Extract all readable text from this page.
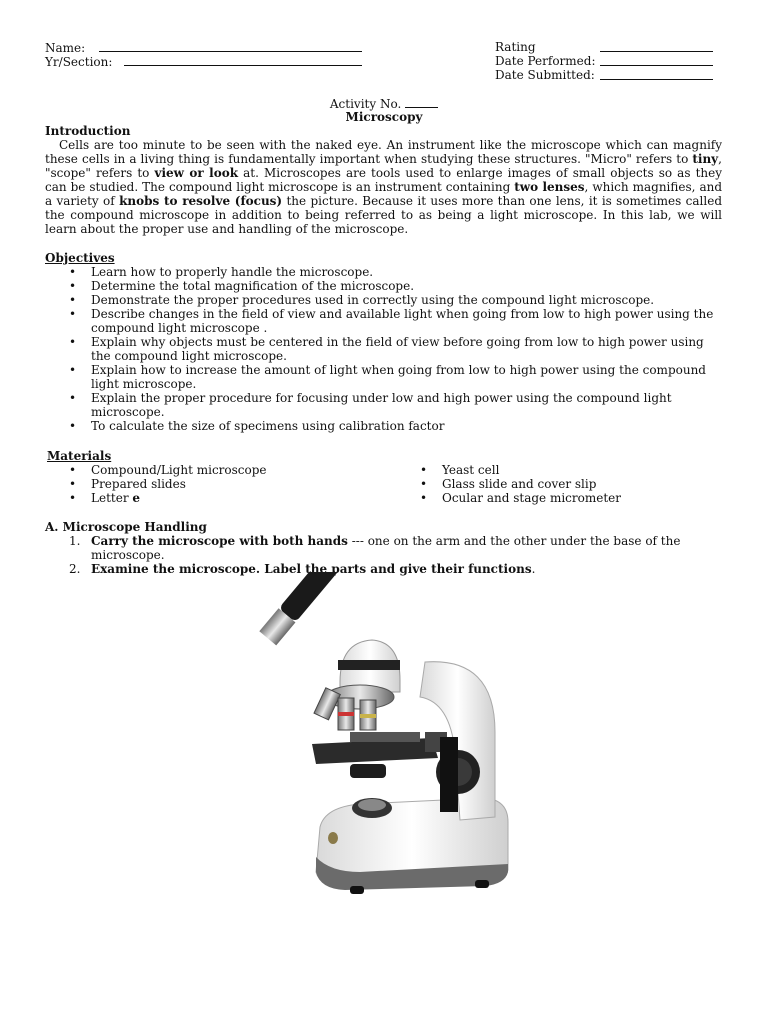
Name:
Yr/Section:
Rating
Date Performed:
Date Submitted:
Activity No.
Microscopy
Introduction
Cells are too minute to be seen with the naked eye. An instrument like the microscope which can magnify these cells in a living thing is fundamentally important when studying these structures. "Micro" refers to tiny, "scope" refers to view or look at. Microscopes are tools used to enlarge images of small objects so as they can be studied. The compound light microscope is an instrument containing two lenses, which magnifies, and a variety of knobs to resolve (focus) the picture. Because it uses more than one lens, it is sometimes called the compound microscope in addition to being referred to as being a light microscope. In this lab, we will learn about the proper use and handling of the microscope.
Objectives
• Learn how to properly handle the microscope.
• Determine the total magnification of the microscope.
• Demonstrate the proper procedures used in correctly using the compound light microscope.
• Describe changes in the field of view and available light when going from low to high power using the compound light microscope .
• Explain why objects must be centered in the field of view before going from low to high power using the compound light microscope.
• Explain how to increase the amount of light when going from low to high power using the compound light microscope.
• Explain the proper procedure for focusing under low and high power using the compound light microscope.
• To calculate the size of specimens using calibration factor
Materials
• Compound/Light microscope
• Prepared slides
• Letter e
• Yeast cell
• Glass slide and cover slip
• Ocular and stage micrometer
A. Microscope Handling
1. Carry the microscope with both hands --- one on the arm and the other under the base of the microscope.
2. Examine the microscope. Label the parts and give their functions.
